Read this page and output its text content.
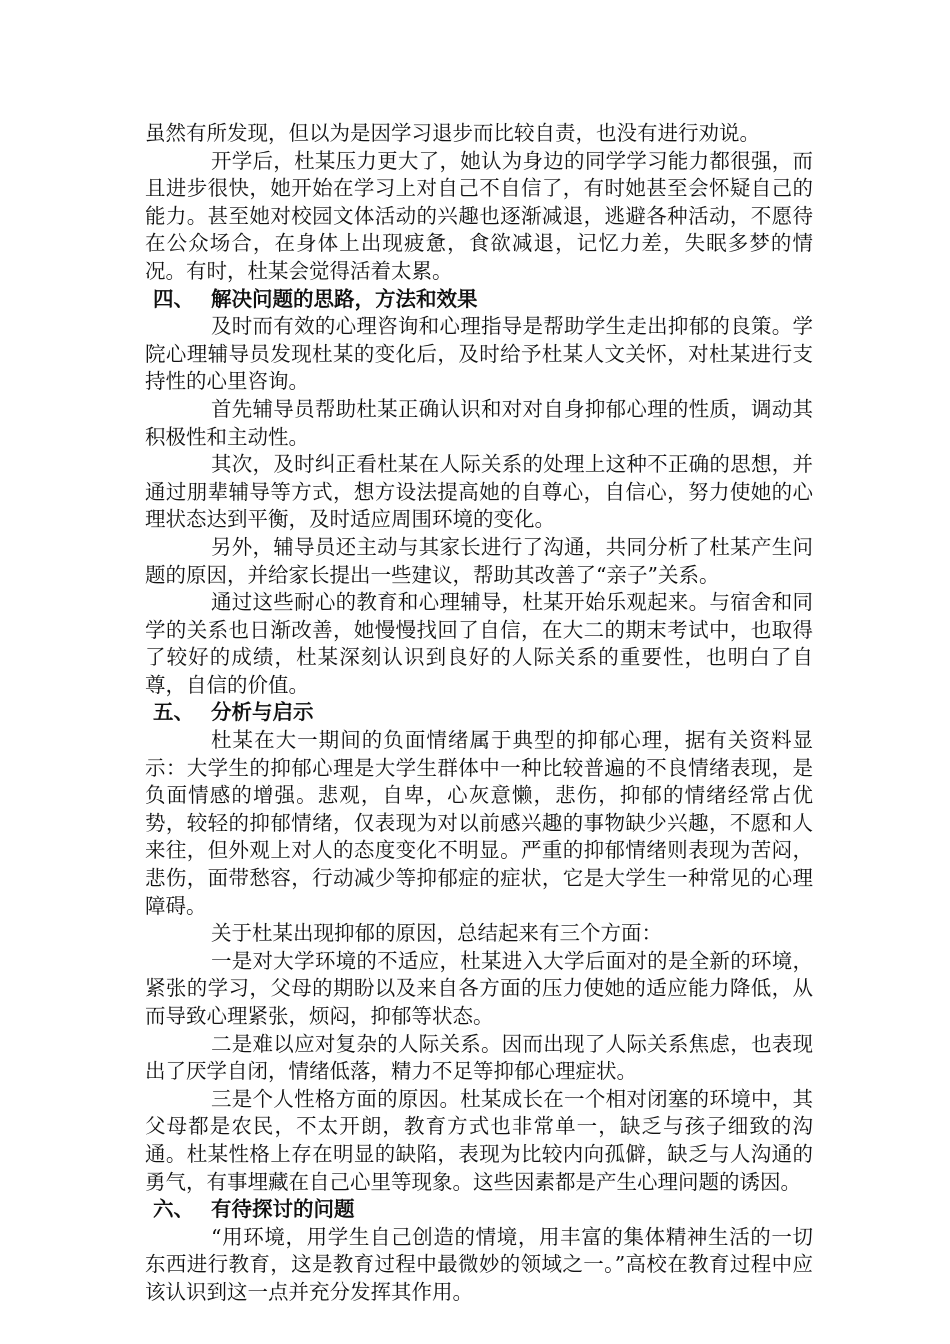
虽然有所发现，但以为是因学习退步而比较自责，也没有进行劝说。

开学后，杜某压力更大了，她认为身边的同学学习能力都很强，而且进步很快，她开始在学习上对自己不自信了，有时她甚至会怀疑自己的能力。甚至她对校园文体活动的兴趣也逐渐减退，逃避各种活动，不愿待在公众场合，在身体上出现疲惫，食欲减退，记忆力差，失眠多梦的情况。有时，杜某会觉得活着太累。

四、 解决问题的思路，方法和效果

及时而有效的心理咨询和心理指导是帮助学生走出抑郁的良策。学院心理辅导员发现杜某的变化后，及时给予杜某人文关怀，对杜某进行支持性的心里咨询。

首先辅导员帮助杜某正确认识和对对自身抑郁心理的性质，调动其积极性和主动性。

其次，及时纠正看杜某在人际关系的处理上这种不正确的思想，并通过朋辈辅导等方式，想方设法提高她的自尊心，自信心，努力使她的心理状态达到平衡，及时适应周围环境的变化。

另外，辅导员还主动与其家长进行了沟通，共同分析了杜某产生问题的原因，并给家长提出一些建议，帮助其改善了“亲子”关系。

通过这些耐心的教育和心理辅导，杜某开始乐观起来。与宿舍和同学的关系也日渐改善，她慢慢找回了自信，在大二的期末考试中，也取得了较好的成绩，杜某深刻认识到良好的人际关系的重要性，也明白了自尊，自信的价值。

五、 分析与启示

杜某在大一期间的负面情绪属于典型的抑郁心理，据有关资料显示：大学生的抑郁心理是大学生群体中一种比较普遍的不良情绪表现，是负面情感的增强。悲观，自卑，心灰意懒，悲伤，抑郁的情绪经常占优势，较轻的抑郁情绪，仅表现为对以前感兴趣的事物缺少兴趣，不愿和人来往，但外观上对人的态度变化不明显。严重的抑郁情绪则表现为苦闷，悲伤，面带愁容，行动减少等抑郁症的症状，它是大学生一种常见的心理障碍。

关于杜某出现抑郁的原因，总结起来有三个方面：

一是对大学环境的不适应，杜某进入大学后面对的是全新的环境，紧张的学习，父母的期盼以及来自各方面的压力使她的适应能力降低，从而导致心理紧张，烦闷，抑郁等状态。

二是难以应对复杂的人际关系。因而出现了人际关系焦虑，也表现出了厌学自闭，情绪低落，精力不足等抑郁心理症状。

三是个人性格方面的原因。杜某成长在一个相对闭塞的环境中，其父母都是农民，不太开朗，教育方式也非常单一，缺乏与孩子细致的沟通。杜某性格上存在明显的缺陷，表现为比较内向孤僻，缺乏与人沟通的勇气，有事埋藏在自己心里等现象。这些因素都是产生心理问题的诱因。

六、 有待探讨的问题

“用环境，用学生自己创造的情境，用丰富的集体精神生活的一切东西进行教育，这是教育过程中最微妙的领域之一。”高校在教育过程中应该认识到这一点并充分发挥其作用。
